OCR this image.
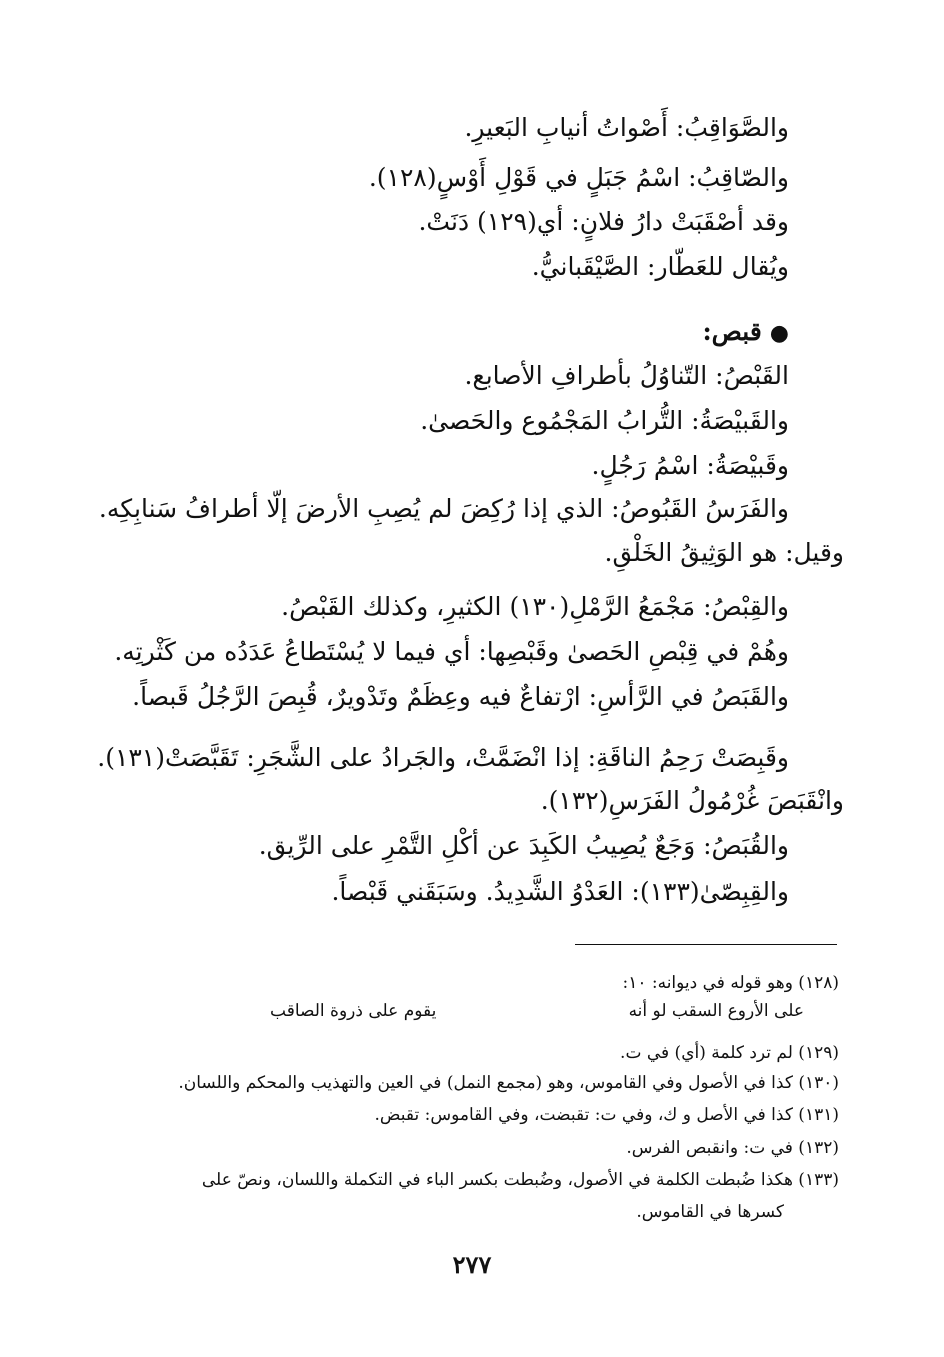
والصَّوَاقِبُ: أَصْواتُ أنيابِ البَعيرِ.

والصّاقِبُ: اسْمُ جَبَلٍ في قَوْلِ أَوْسٍ(١٢٨).

وقد أصْقَبَتْ دارُ فلانٍ: أي(١٢٩) دَنَتْ.

ويُقال للعَطّار: الصَّيْقَبانيُّ.

●قبص:

القَبْصُ: التّناوُلُ بأطرافِ الأصابع.

والقَبيْصَةُ: التُّرابُ المَجْمُوع والحَصىٰ.

وقَبيْصَةُ: اسْمُ رَجُلٍ.

والفَرَسُ القَبُوصُ: الذي إذا رُكِضَ لم يُصِبِ الأرضَ إلّا أطرافُ سَنابِكِه.

وقيل: هو الوَثِيقُ الخَلْقِ.

والقِبْصُ: مَجْمَعُ الرَّمْلِ(١٣٠) الكثيرِ، وكذلك القَبْصُ.

وهُمْ في قِبْصِ الحَصىٰ وقَبْصِها: أي فيما لا يُسْتَطاعُ عَدَدُه من كَثْرتِه.

والقَبَصُ في الرَّأسِ: ارْتفاعٌ فيه وعِظَمٌ وتَدْويرٌ، قُبِصَ الرَّجُلُ قَبصاً.

وقَبِصَتْ رَحِمُ الناقَةِ: إذا انْضَمَّتْ، والجَرادُ على الشَّجَرِ: تَقَبَّصَتْ(١٣١).

وانْقَبَصَ غُرْمُولُ الفَرَسِ(١٣٢).

والقُبَصُ: وَجَعٌ يُصِيبُ الكَبِدَ عن أكْلِ التَّمْرِ على الرِّيق.

والقِبِصّىٰ(١٣٣): العَدْوُ الشَّدِيدُ. وسَبَقَني قَبْصاً.

(١٢٨) وهو قوله في ديوانه: ١٠:

على الأروع السقب لو أنه
يقوم على ذروة الصاقب

(١٢٩) لم ترد كلمة (أي) في ت.

(١٣٠) كذا في الأصول وفي القاموس، وهو (مجمع النمل) في العين والتهذيب والمحكم واللسان.

(١٣١) كذا في الأصل و ك، وفي ت: تقبضت، وفي القاموس: تقبض.

(١٣٢) في ت: وانقبص الفرس.

(١٣٣) هكذا ضُبطت الكلمة في الأصول، وضُبطت بكسر الباء في التكملة واللسان، ونصّ على

كسرها في القاموس.

٢٧٧
